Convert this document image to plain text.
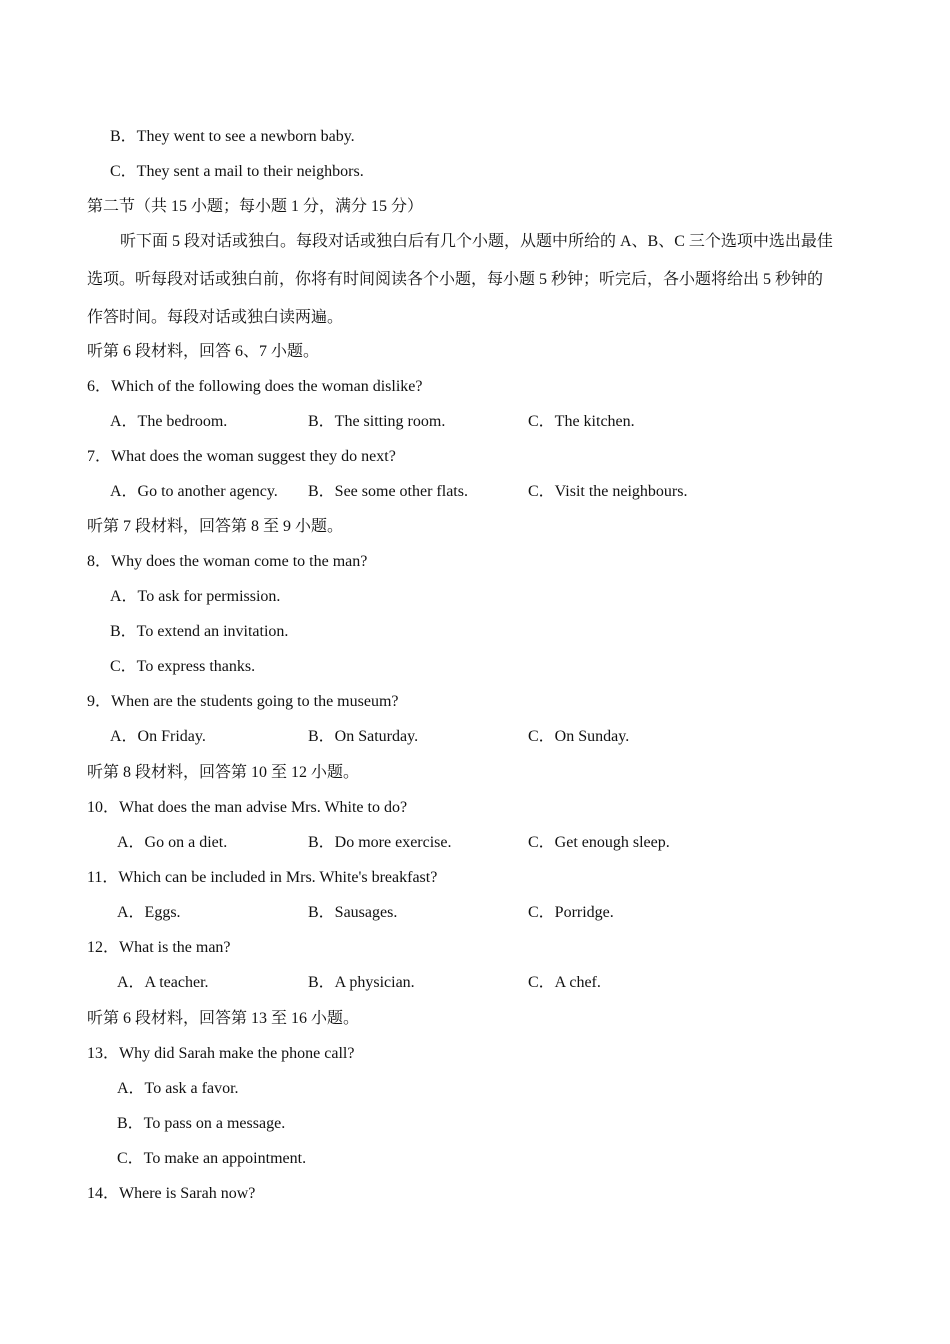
B．They went to see a newborn baby.
C．They sent a mail to their neighbors.
第二节（共 15 小题；每小题 1 分，满分 15 分）
听下面 5 段对话或独白。每段对话或独白后有几个小题，从题中所给的 A、B、C 三个选项中选出最佳
选项。听每段对话或独白前，你将有时间阅读各个小题，每小题 5 秒钟；听完后，各小题将给出 5 秒钟的
作答时间。每段对话或独白读两遍。
听第 6 段材料，回答 6、7 小题。
6．Which of the following does the woman dislike?
A．The bedroom.	B．The sitting room.	C．The kitchen.
7．What does the woman suggest they do next?
A．Go to another agency. B．See some other flats.	C．Visit the neighbours.
听第 7 段材料，回答第 8 至 9 小题。
8．Why does the woman come to the man?
A．To ask for permission.
B．To extend an invitation.
C．To express thanks.
9．When are the students going to the museum?
A．On Friday.	B．On Saturday.	C．On Sunday.
听第 8 段材料，回答第 10 至 12 小题。
10．What does the man advise Mrs. White to do?
A．Go on a diet.	B．Do more exercise.	C．Get enough sleep.
11．Which can be included in Mrs. White's breakfast?
A．Eggs.	B．Sausages.	C．Porridge.
12．What is the man?
A．A teacher.	B．A physician.	C．A chef.
听第 6 段材料，回答第 13 至 16 小题。
13．Why did Sarah make the phone call?
A．To ask a favor.
B．To pass on a message.
C．To make an appointment.
14．Where is Sarah now?
